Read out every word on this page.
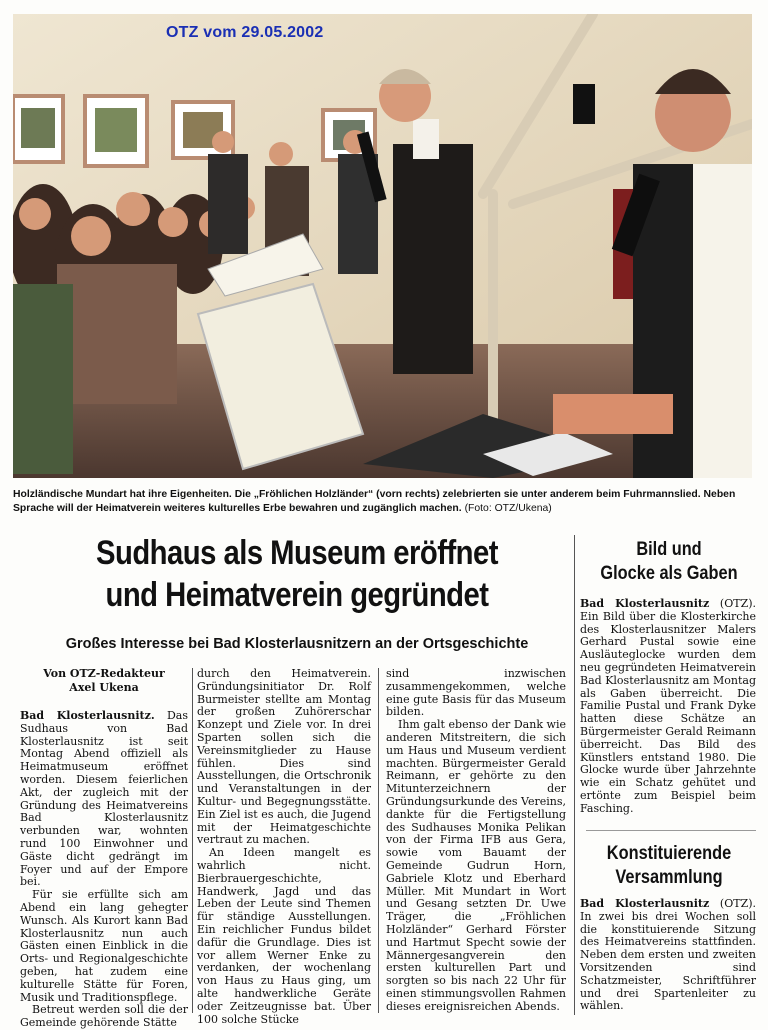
OTZ vom 29.05.2002
Holzländische Mundart hat ihre Eigenheiten. Die „Fröhlichen Holzländer“ (vorn rechts) zelebrierten sie unter anderem beim Fuhrmannslied. Neben Sprache will der Heimatverein weiteres kulturelles Erbe bewahren und zugänglich machen. (Foto: OTZ/Ukena)
Sudhaus als Museum eröffnet
und Heimatverein gegründet
Großes Interesse bei Bad Klosterlausnitzern an der Ortsgeschichte
Von OTZ-Redakteur
Axel Ukena

Bad Klosterlausnitz. Das Sudhaus von Bad Klosterlausnitz ist seit Montag Abend offiziell als Heimatmuseum eröffnet worden. Diesem feierlichen Akt, der zugleich mit der Gründung des Heimatvereins Bad Klosterlausnitz verbunden war, wohnten rund 100 Einwohner und Gäste dicht gedrängt im Foyer und auf der Empore bei.

Für sie erfüllte sich am Abend ein lang gehegter Wunsch. Als Kurort kann Bad Klosterlausnitz nun auch Gästen einen Einblick in die Orts- und Regionalgeschichte geben, hat zudem eine kulturelle Stätte für Foren, Musik und Traditionspflege.

Betreut werden soll die der Gemeinde gehörende Stätte

durch den Heimatverein. Gründungsinitiator Dr. Rolf Burmeister stellte am Montag der großen Zuhörerschar Konzept und Ziele vor. In drei Sparten sollen sich die Vereinsmitglieder zu Hause fühlen. Dies sind Ausstellungen, die Ortschronik und Veranstaltungen in der Kultur- und Begegnungsstätte. Ein Ziel ist es auch, die Jugend mit der Heimatgeschichte vertraut zu machen.

An Ideen mangelt es wahrlich nicht. Bierbrauergeschichte, Handwerk, Jagd und das Leben der Leute sind Themen für ständige Ausstellungen. Ein reichlicher Fundus bildet dafür die Grundlage. Dies ist vor allem Werner Enke zu verdanken, der wochenlang von Haus zu Haus ging, um alte handwerkliche Geräte oder Zeitzeugnisse bat. Über 100 solche Stücke

sind inzwischen zusammengekommen, welche eine gute Basis für das Museum bilden.

Ihm galt ebenso der Dank wie anderen Mitstreitern, die sich um Haus und Museum verdient machten. Bürgermeister Gerald Reimann, er gehörte zu den Mitunterzeichnern der Gründungsurkunde des Vereins, dankte für die Fertigstellung des Sudhauses Monika Pelikan von der Firma IFB aus Gera, sowie vom Bauamt der Gemeinde Gudrun Horn, Gabriele Klotz und Eberhard Müller. Mit Mundart in Wort und Gesang setzten Dr. Uwe Träger, die „Fröhlichen Holzländer“ Gerhard Förster und Hartmut Specht sowie der Männergesangverein den ersten kulturellen Part und sorgten so bis nach 22 Uhr für einen stimmungsvollen Rahmen dieses ereignisreichen Abends.

Bild und
Glocke als Gaben

Bad Klosterlausnitz (OTZ). Ein Bild über die Klosterkirche des Klosterlausnitzer Malers Gerhard Pustal sowie eine Ausläuteglocke wurden dem neu gegründeten Heimatverein Bad Klosterlausnitz am Montag als Gaben überreicht. Die Familie Pustal und Frank Dyke hatten diese Schätze an Bürgermeister Gerald Reimann überreicht. Das Bild des Künstlers entstand 1980. Die Glocke wurde über Jahrzehnte wie ein Schatz gehütet und ertönte zum Beispiel beim Fasching.

Konstituierende
Versammlung

Bad Klosterlausnitz (OTZ). In zwei bis drei Wochen soll die konstituierende Sitzung des Heimatvereins stattfinden. Neben dem ersten und zweiten Vorsitzenden sind Schatzmeister, Schriftführer und drei Spartenleiter zu wählen.
